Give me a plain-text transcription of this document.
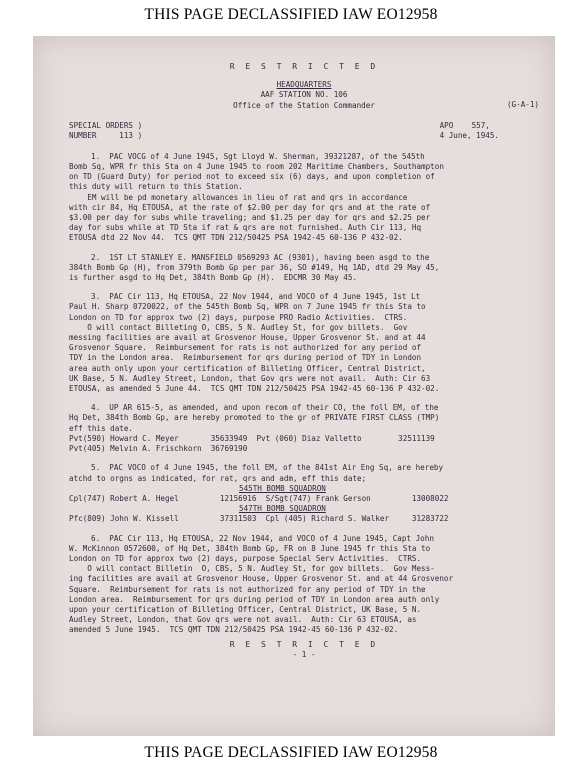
THIS PAGE DECLASSIFIED IAW EO12958
R E S T R I C T E D
HEADQUARTERS
AAF STATION NO. 106
Office of the Station Commander	(G-A-1)
SPECIAL ORDERS )
NUMBER     113 )
APO    557,
4 June, 1945.
1.  PAC VOCG of 4 June 1945, Sgt Lloyd W. Sherman, 39321287, of the 545th
Bomb Sq, WPR fr this Sta on 4 June 1945 to room 202 Maritime Chambers, Southampton
on TD (Guard Duty) for period not to exceed six (6) days, and upon completion of
this duty will return to this Station.
EM will be pd monetary allowances in lieu of rat and qrs in accordance
with cir 84, Hq ETOUSA, at the rate of $2.00 per day for qrs and at the rate of
$3.00 per day for subs while traveling; and $1.25 per day for qrs and $2.25 per
day for subs while at TD Sta if rat & qrs are not furnished. Auth Cir 113, Hq
ETOUSA dtd 22 Nov 44.  TCS QMT TDN 212/50425 PSA 1942-45 60-136 P 432-02.
2.  1ST LT STANLEY E. MANSFIELD 0569293 AC (9301), having been asgd to the
384th Bomb Gp (H), from 379th Bomb Gp per par 36, SO #149, Hq 1AD, dtd 29 May 45,
is further asgd to Hq Det, 384th Bomb Gp (H).  EDCMR 30 May 45.
3.  PAC Cir 113, Hq ETOUSA, 22 Nov 1944, and VOCO of 4 June 1945, 1st Lt
Paul H. Sharp 0720022, of the 545th Bomb Sq, WPR on 7 June 1945 fr this Sta to
London on TD for approx two (2) days, purpose PRO Radio Activities.  CTRS.
O will contact Billeting O, CBS, 5 N. Audley St, for gov billets.  Gov
messing facilities are avail at Grosvenor House, Upper Grosvenor St. and at 44
Grosvenor Square.  Reimbursement for rats is not authorized for any period of
TDY in the London area.  Reimbursement for qrs during period of TDY in London
area auth only upon your certification of Billeting Officer, Central District,
UK Base, 5 N. Audley Street, London, that Gov qrs were not avail.  Auth: Cir 63
ETOUSA, as amended 5 June 44.  TCS QMT TDN 212/50425 PSA 1942-45 60-136 P 432-02.
4.  UP AR 615-5, as amended, and upon recom of their CO, the foll EM, of the
Hq Det, 384th Bomb Gp, are hereby promoted to the gr of PRIVATE FIRST CLASS (TMP)
eff this date.
Pvt(590) Howard C. Meyer       35633949  Pvt (060) Diaz Valletto        32511139
Pvt(405) Melvin A. Frischkorn  36769190
5.  PAC VOCO of 4 June 1945, the foll EM, of the 841st Air Eng Sq, are hereby
atchd to orgns as indicated, for rat, qrs and adm, eff this date;
545TH BOMB SQUADRON
Cpl(747) Robert A. Hegel         12156916  S/Sgt(747) Frank Gerson         13008022
547TH BOMB SQUADRON
Pfc(809) John W. Kissell         37311503  Cpl (405) Richard S. Walker     31283722
6.  PAC Cir 113, Hq ETOUSA, 22 Nov 1944, and VOCO of 4 June 1945, Capt John
W. McKinnon 0572600, of Hq Det, 384th Bomb Gp, FR on 8 June 1945 fr this Sta to
London on TD for approx two (2) days, purpose Special Serv Activities.  CTRS.
O will contact Billetin  O, CBS, 5 N. Audley St, for gov billets.  Gov Mess-
ing facilities are avail at Grosvenor House, Upper Grosvenor St. and at 44 Grosvenor
Square.  Reimbursement for rats is not authorized for any period of TDY in the
London area.  Reimbursement for qrs during period of TDY in London area auth only
upon your certification of Billeting Officer, Central District, UK Base, 5 N.
Audley Street, London, that Gov qrs were not avail.  Auth: Cir 63 ETOUSA, as
amended 5 June 1945.  TCS QMT TDN 212/50425 PSA 1942-45 60-136 P 432-02.
R E S T R I C T E D
- 1 -
THIS PAGE DECLASSIFIED IAW EO12958
